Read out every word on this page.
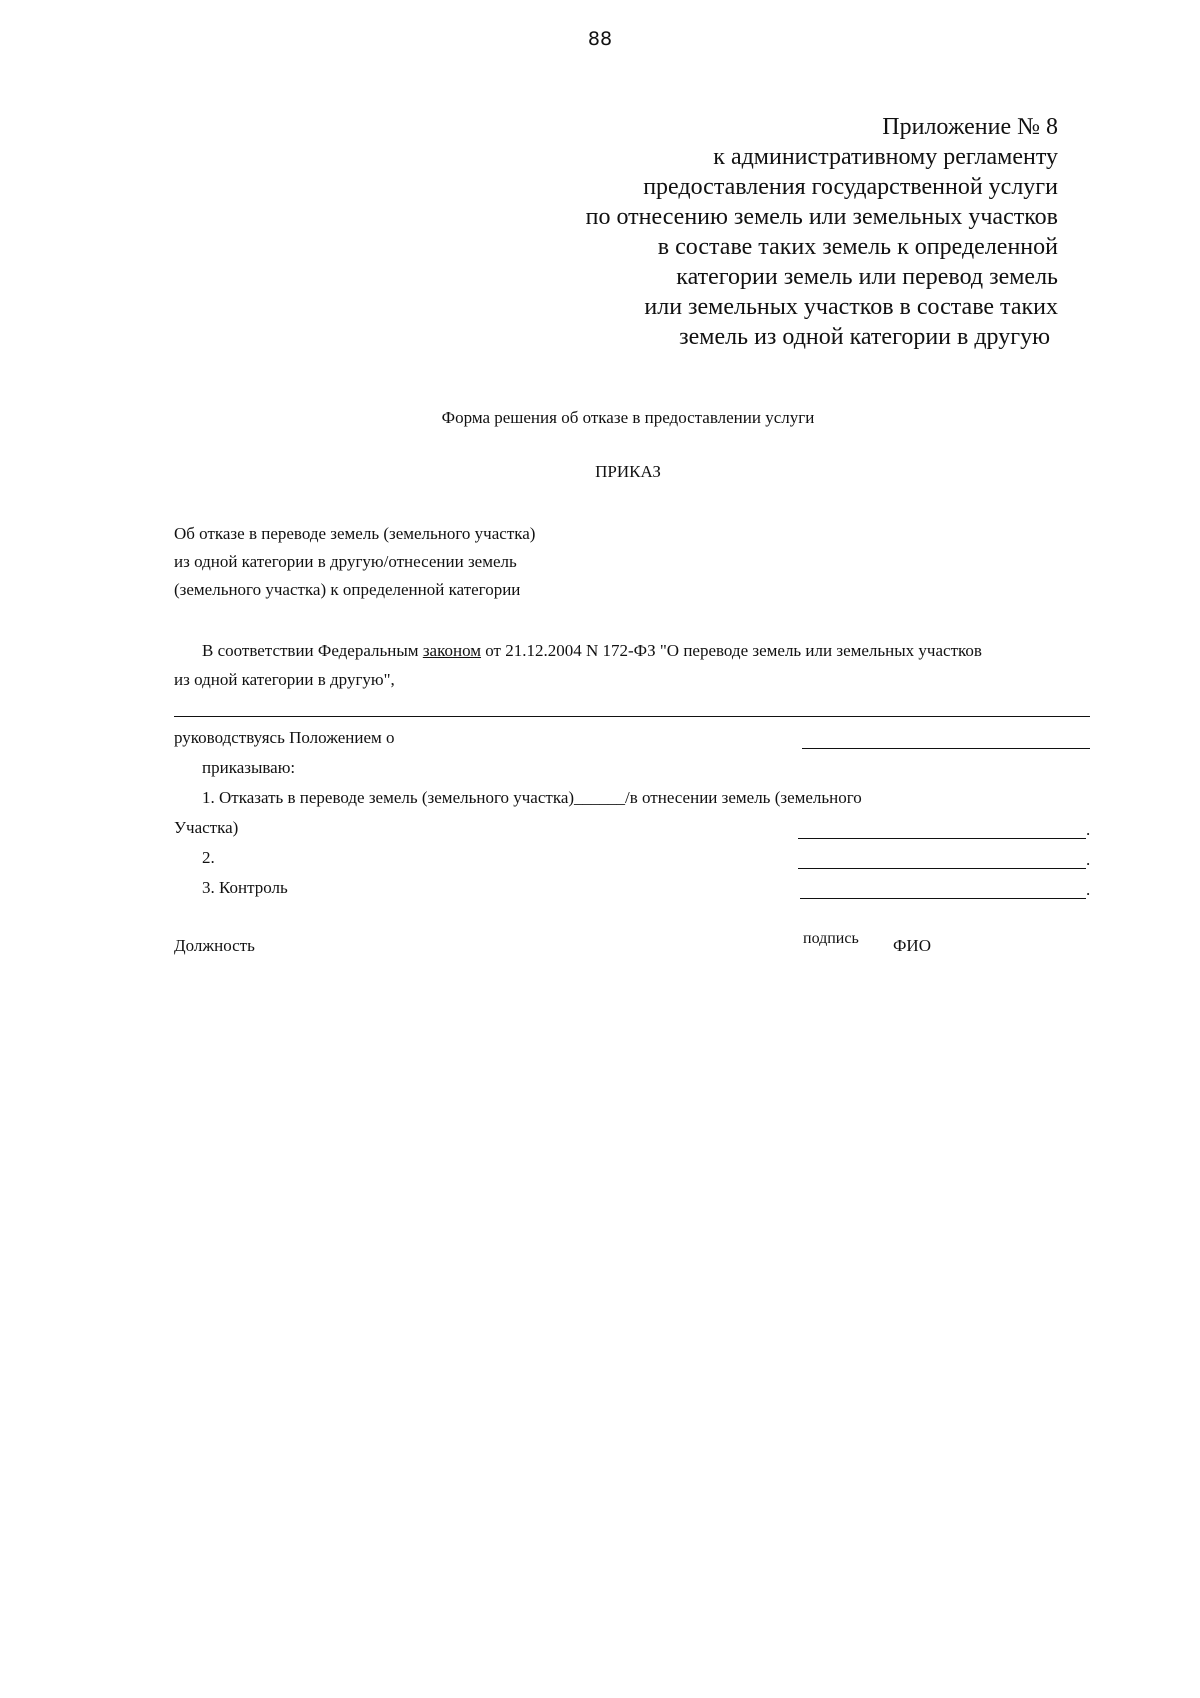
88
Приложение № 8
к административному регламенту
предоставления государственной услуги
по отнесению земель или земельных участков
в составе таких земель к определенной
категории земель или перевод земель
или земельных участков в составе таких
земель из одной категории в другую
Форма решения об отказе в предоставлении услуги
ПРИКАЗ
Об отказе в переводе земель (земельного участка)
из одной категории в другую/отнесении земель
(земельного участка) к определенной категории
В соответствии Федеральным законом от 21.12.2004 N 172-ФЗ "О переводе земель или земельных участков
из одной категории в другую",
руководствуясь Положением о
приказываю:
1. Отказать в переводе земель (земельного участка)______/в отнесении земель (земельного
Участка)	.
2.	.
3. Контроль	.
Должность	подпись ФИО
